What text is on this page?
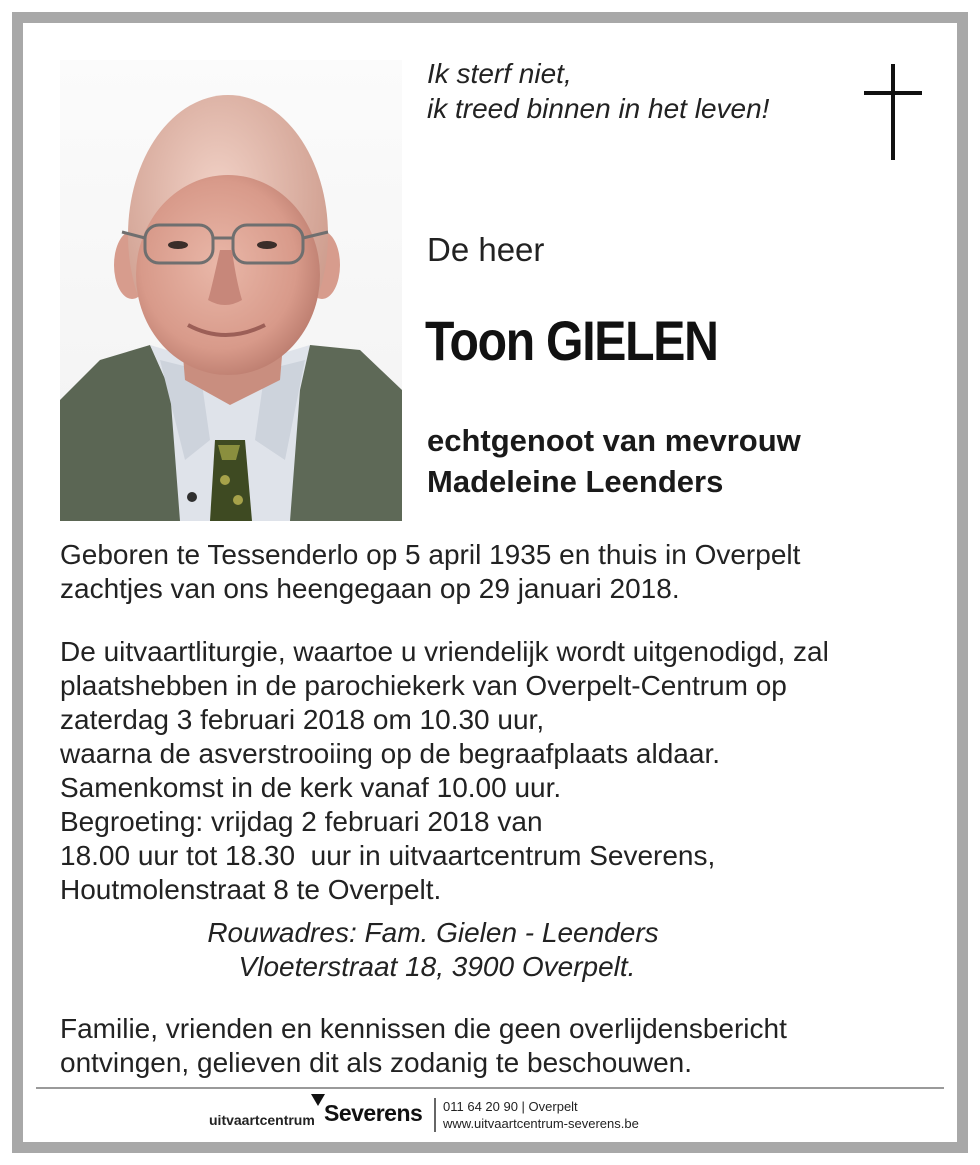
Ik sterf niet,
ik treed binnen in het leven!
De heer
Toon GIELEN
echtgenoot van mevrouw
Madeleine Leenders
Geboren te Tessenderlo op 5 april 1935 en thuis in Overpelt
zachtjes van ons heengegaan op 29 januari 2018.
De uitvaartliturgie, waartoe u vriendelijk wordt uitgenodigd, zal
plaatshebben in de parochiekerk van Overpelt-Centrum op
zaterdag 3 februari 2018 om 10.30 uur,
waarna de asverstrooiing op de begraafplaats aldaar.
Samenkomst in de kerk vanaf 10.00 uur.
Begroeting: vrijdag 2 februari 2018 van
18.00 uur tot 18.30  uur in uitvaartcentrum Severens,
Houtmolenstraat 8 te Overpelt.
Rouwadres: Fam. Gielen - Leenders
Vloeterstraat 18, 3900 Overpelt.
Familie, vrienden en kennissen die geen overlijdensbericht
ontvingen, gelieven dit als zodanig te beschouwen.
uitvaartcentrum Severens 011 64 20 90 | Overpelt
www.uitvaartcentrum-severens.be
